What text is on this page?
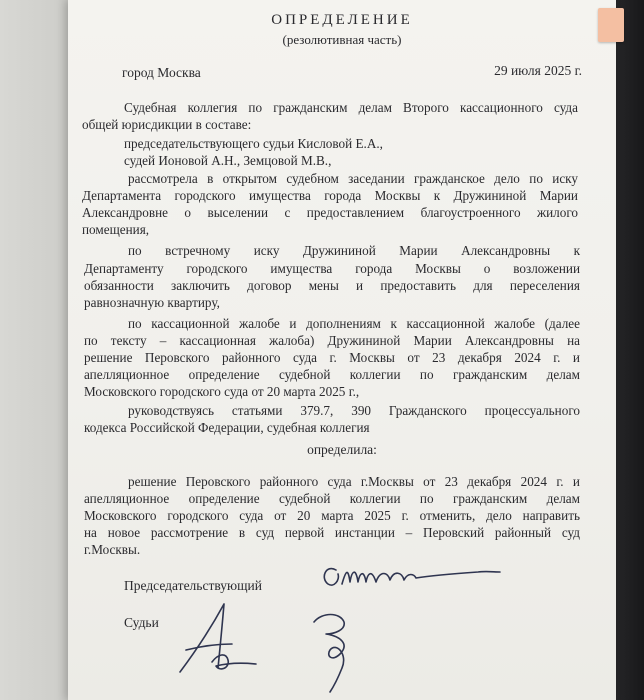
ОПРЕДЕЛЕНИЕ
(резолютивная часть)
город Москва	29 июля 2025 г.
Судебная коллегия по гражданским делам Второго кассационного суда
общей юрисдикции в составе:
председательствующего судьи Кисловой Е.А.,
судей Ионовой А.Н., Земцовой М.В.,
рассмотрела в открытом судебном заседании гражданское дело по иску
Департамента городского имущества города Москвы к Дружининой Марии
Александровне о выселении с предоставлением благоустроенного жилого
помещения,
по встречному иску Дружининой Марии Александровны к
Департаменту городского имущества города Москвы о возложении
обязанности заключить договор мены и предоставить для переселения
равнозначную квартиру,
по кассационной жалобе и дополнениям к кассационной жалобе (далее
по тексту – кассационная жалоба) Дружининой Марии Александровны на
решение Перовского районного суда г. Москвы от 23 декабря 2024 г. и
апелляционное определение судебной коллегии по гражданским делам
Московского городского суда от 20 марта 2025 г.,
руководствуясь статьями 379.7, 390 Гражданского процессуального
кодекса Российской Федерации, судебная коллегия
определила:
решение Перовского районного суда г.Москвы от 23 декабря 2024 г. и
апелляционное определение судебной коллегии по гражданским делам
Московского городского суда от 20 марта 2025 г. отменить, дело направить
на новое рассмотрение в суд первой инстанции – Перовский районный суд
г.Москвы.
Председательствующий
Судьи
